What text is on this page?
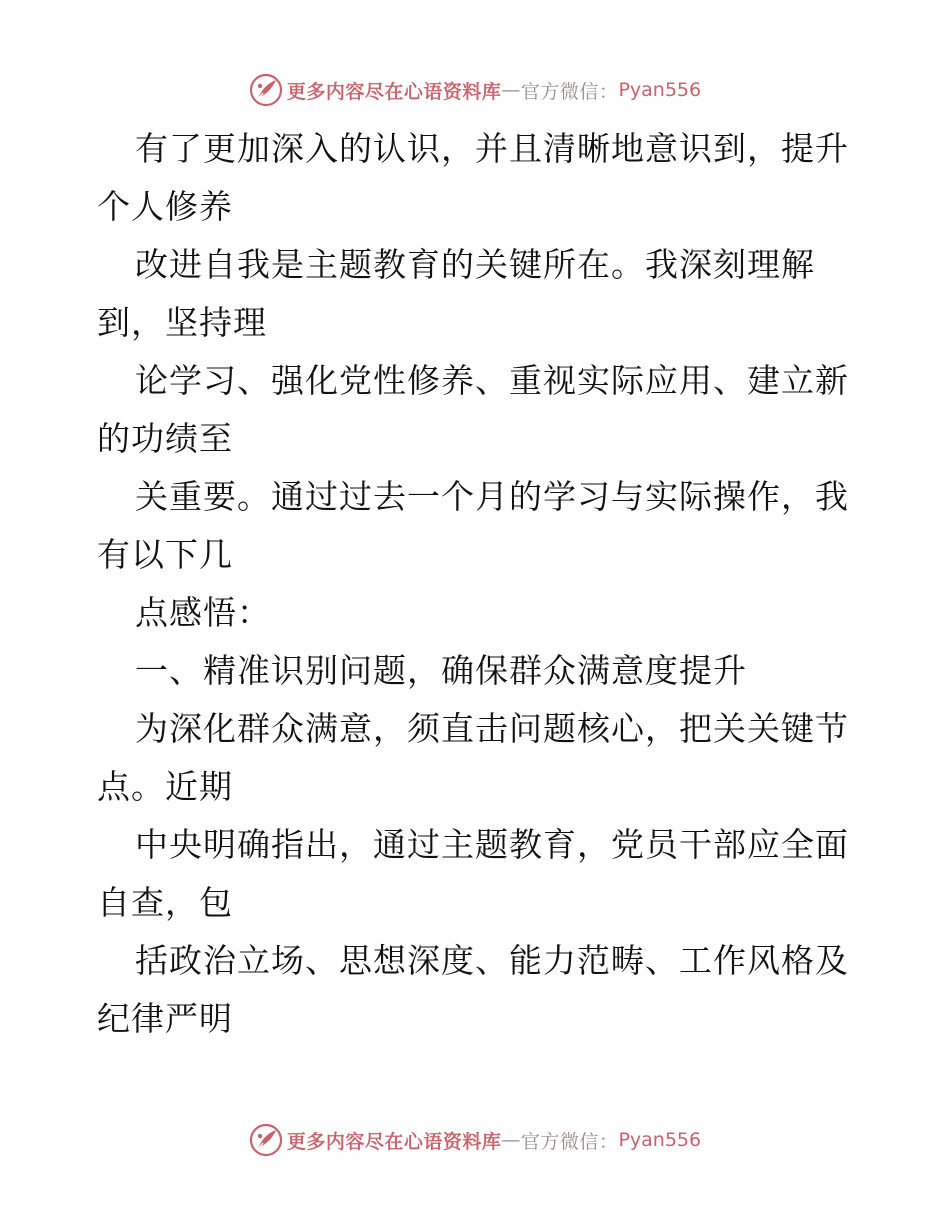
更多内容尽在心语资料库 — 官方微信： Pyan556
有了更加深入的认识，并且清晰地意识到，提升
个人修养
改进自我是主题教育的关键所在。我深刻理解
到，坚持理
论学习、强化党性修养、重视实际应用、建立新
的功绩至
关重要。通过过去一个月的学习与实际操作，我
有以下几
点感悟：
一、精准识别问题，确保群众满意度提升
为深化群众满意，须直击问题核心，把关关键节
点。近期
中央明确指出，通过主题教育，党员干部应全面
自查，包
括政治立场、思想深度、能力范畴、工作风格及
纪律严明
更多内容尽在心语资料库 — 官方微信： Pyan556
